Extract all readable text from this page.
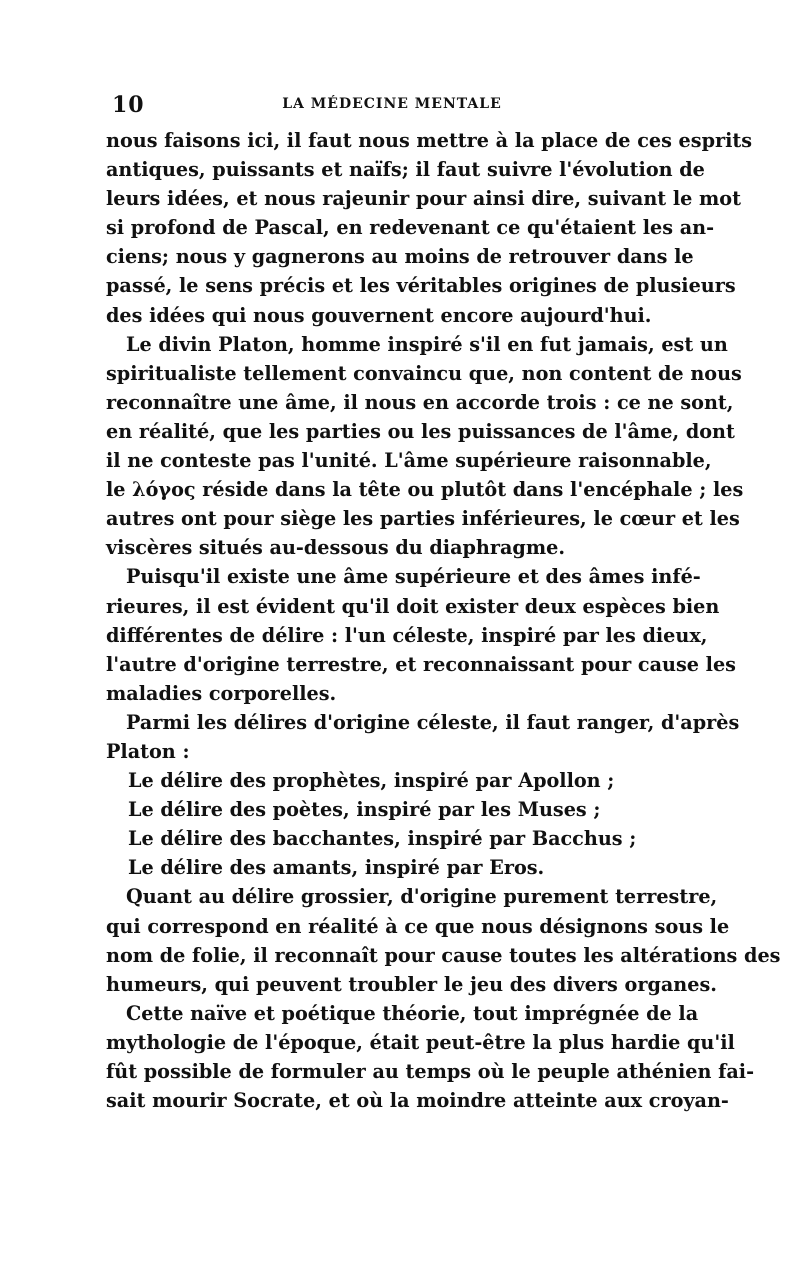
10	LA MÉDECINE MENTALE
nous faisons ici, il faut nous mettre à la place de ces esprits
antiques, puissants et naïfs; il faut suivre l'évolution de
leurs idées, et nous rajeunir pour ainsi dire, suivant le mot
si profond de Pascal, en redevenant ce qu'étaient les an-
ciens; nous y gagnerons au moins de retrouver dans le
passé, le sens précis et les véritables origines de plusieurs
des idées qui nous gouvernent encore aujourd'hui.
Le divin Platon, homme inspiré s'il en fut jamais, est un
spiritualiste tellement convaincu que, non content de nous
reconnaître une âme, il nous en accorde trois : ce ne sont,
en réalité, que les parties ou les puissances de l'âme, dont
il ne conteste pas l'unité. L'âme supérieure raisonnable,
le λόγος réside dans la tête ou plutôt dans l'encéphale ; les
autres ont pour siège les parties inférieures, le cœur et les
viscères situés au-dessous du diaphragme.
Puisqu'il existe une âme supérieure et des âmes infé-
rieures, il est évident qu'il doit exister deux espèces bien
différentes de délire : l'un céleste, inspiré par les dieux,
l'autre d'origine terrestre, et reconnaissant pour cause les
maladies corporelles.
Parmi les délires d'origine céleste, il faut ranger, d'après
Platon :
Le délire des prophètes, inspiré par Apollon ;
Le délire des poètes, inspiré par les Muses ;
Le délire des bacchantes, inspiré par Bacchus ;
Le délire des amants, inspiré par Eros.
Quant au délire grossier, d'origine purement terrestre,
qui correspond en réalité à ce que nous désignons sous le
nom de folie, il reconnaît pour cause toutes les altérations des
humeurs, qui peuvent troubler le jeu des divers organes.
Cette naïve et poétique théorie, tout imprégnée de la
mythologie de l'époque, était peut-être la plus hardie qu'il
fût possible de formuler au temps où le peuple athénien fai-
sait mourir Socrate, et où la moindre atteinte aux croyan-
